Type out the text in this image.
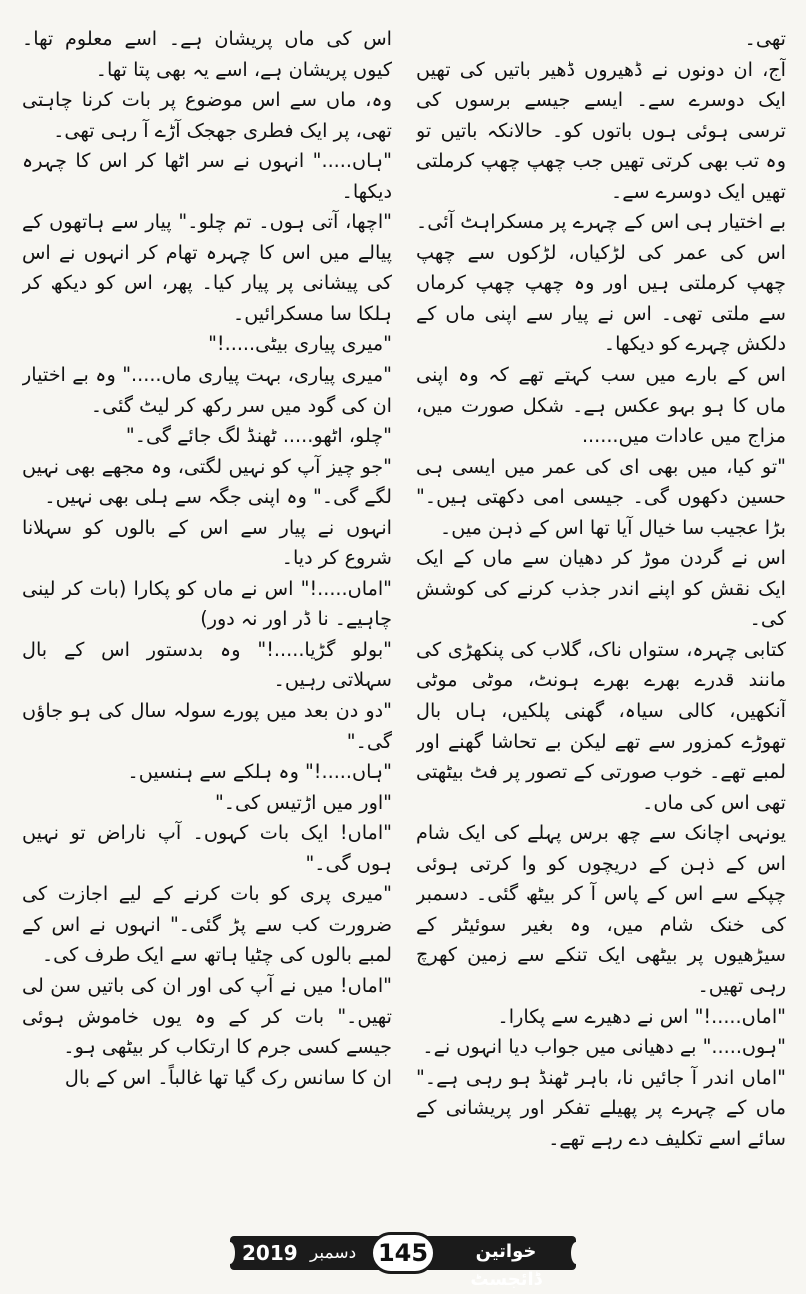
تھی۔

آج، ان دونوں نے ڈھیروں ڈھیر باتیں کی تھیں ایک دوسرے سے۔ ایسے جیسے برسوں کی ترسی ہوئی ہوں باتوں کو۔ حالانکہ باتیں تو وہ تب بھی کرتی تھیں جب چھپ چھپ کرملتی تھیں ایک دوسرے سے۔

بے اختیار ہی اس کے چہرے پر مسکراہٹ آئی۔ اس کی عمر کی لڑکیاں، لڑکوں سے چھپ چھپ کرملتی ہیں اور وہ چھپ چھپ کرماں سے ملتی تھی۔ اس نے پیار سے اپنی ماں کے دلکش چہرے کو دیکھا۔

اس کے بارے میں سب کہتے تھے کہ وہ اپنی ماں کا ہو بہو عکس ہے۔ شکل صورت میں، مزاج میں عادات میں......

"تو کیا، میں بھی ای کی عمر میں ایسی ہی حسین دکھوں گی۔ جیسی امی دکھتی ہیں۔" بڑا عجیب سا خیال آیا تھا اس کے ذہن میں۔

اس نے گردن موڑ کر دھیان سے ماں کے ایک ایک نقش کو اپنے اندر جذب کرنے کی کوشش کی۔

کتابی چہرہ، ستواں ناک، گلاب کی پنکھڑی کی مانند قدرے بھرے بھرے ہونٹ، موٹی موٹی آنکھیں، کالی سیاہ، گھنی پلکیں، ہاں بال تھوڑے کمزور سے تھے لیکن بے تحاشا گھنے اور لمبے تھے۔ خوب صورتی کے تصور پر فٹ بیٹھتی تھی اس کی ماں۔

یونہی اچانک سے چھ برس پہلے کی ایک شام اس کے ذہن کے دریچوں کو وا کرتی ہوئی چپکے سے اس کے پاس آ کر بیٹھ گئی۔ دسمبر کی خنک شام میں، وہ بغیر سوئیٹر کے سیڑھیوں پر بیٹھی ایک تنکے سے زمین کھرچ رہی تھیں۔

"اماں.....!" اس نے دھیرے سے پکارا۔

"ہوں....." بے دھیانی میں جواب دیا انہوں نے۔

"اماں اندر آ جائیں نا، باہر ٹھنڈ ہو رہی ہے۔" ماں کے چہرے پر پھیلے تفکر اور پریشانی کے سائے اسے تکلیف دے رہے تھے۔

اس کی ماں پریشان ہے۔ اسے معلوم تھا۔ کیوں پریشان ہے، اسے یہ بھی پتا تھا۔

وہ، ماں سے اس موضوع پر بات کرنا چاہتی تھی، پر ایک فطری جھجک آڑے آ رہی تھی۔

"ہاں....." انہوں نے سر اٹھا کر اس کا چہرہ دیکھا۔

"اچھا، آتی ہوں۔ تم چلو۔" پیار سے ہاتھوں کے پیالے میں اس کا چہرہ تھام کر انہوں نے اس کی پیشانی پر پیار کیا۔ پھر، اس کو دیکھ کر ہلکا سا مسکرائیں۔

"میری پیاری بیٹی.....!"

"میری پیاری، بہت پیاری ماں....." وہ بے اختیار ان کی گود میں سر رکھ کر لیٹ گئی۔

"چلو، اٹھو..... ٹھنڈ لگ جائے گی۔"

"جو چیز آپ کو نہیں لگتی، وہ مجھے بھی نہیں لگے گی۔" وہ اپنی جگہ سے ہلی بھی نہیں۔

انہوں نے پیار سے اس کے بالوں کو سہلانا شروع کر دیا۔

"اماں.....!" اس نے ماں کو پکارا (بات کر لینی چاہیے۔ نا ڈر اور نہ دور)

"بولو گڑیا.....!" وہ بدستور اس کے بال سہلاتی رہیں۔

"دو دن بعد میں پورے سولہ سال کی ہو جاؤں گی۔"

"ہاں.....!" وہ ہلکے سے ہنسیں۔

"اور میں اڑتیس کی۔"

"اماں! ایک بات کہوں۔ آپ ناراض تو نہیں ہوں گی۔"

"میری پری کو بات کرنے کے لیے اجازت کی ضرورت کب سے پڑ گئی۔" انہوں نے اس کے لمبے بالوں کی چٹیا ہاتھ سے ایک طرف کی۔

"اماں! میں نے آپ کی اور ان کی باتیں سن لی تھیں۔" بات کر کے وہ یوں خاموش ہوئی جیسے کسی جرم کا ارتکاب کر بیٹھی ہو۔

ان کا سانس رک گیا تھا غالباً۔ اس کے بال

2019 دسمبر 145	خواتین ڈائجسٹ
